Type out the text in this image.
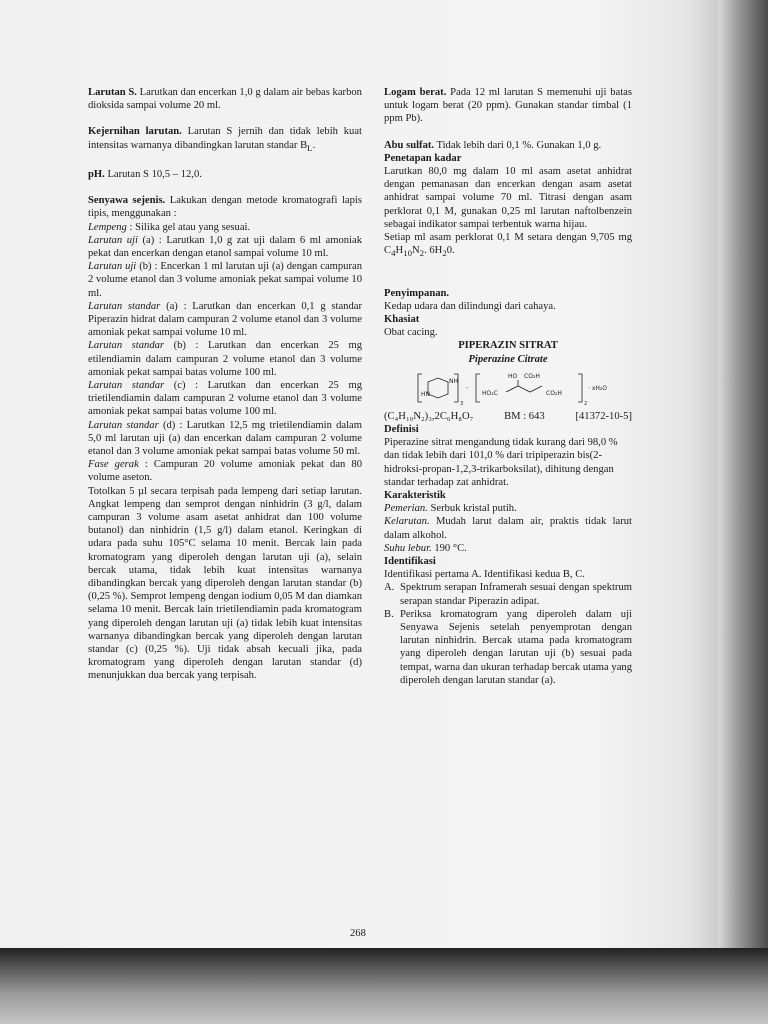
Larutan S. Larutkan dan encerkan 1,0 g dalam air bebas karbon dioksida sampai volume 20 ml.

Kejernihan larutan. Larutan S jernih dan tidak lebih kuat intensitas warnanya dibandingkan larutan standar $B_L$.

pH. Larutan S 10,5 – 12,0.

Senyawa sejenis. Lakukan dengan metode kromatografi lapis tipis, menggunakan :

Lempeng : Silika gel atau yang sesuai.

Larutan uji (a) : Larutkan 1,0 g zat uji dalam 6 ml amoniak pekat dan encerkan dengan etanol sampai volume 10 ml.

Larutan uji (b) : Encerkan 1 ml larutan uji (a) dengan campuran 2 volume etanol dan 3 volume amoniak pekat sampai volume 10 ml.

Larutan standar (a) : Larutkan dan encerkan 0,1 g standar Piperazin hidrat dalam campuran 2 volume etanol dan 3 volume amoniak pekat sampai volume 10 ml.

Larutan standar (b) : Larutkan dan encerkan 25 mg etilendiamin dalam campuran 2 volume etanol dan 3 volume amoniak pekat sampai batas volume 100 ml.

Larutan standar (c) : Larutkan dan encerkan 25 mg trietilendiamin dalam campuran 2 volume etanol dan 3 volume amoniak pekat sampai batas volume 100 ml.

Larutan standar (d) : Larutkan 12,5 mg trietilendiamin dalam 5,0 ml larutan uji (a) dan encerkan dalam campuran 2 volume etanol dan 3 volume amoniak pekat sampai batas volume 50 ml.

Fase gerak : Campuran 20 volume amoniak pekat dan 80 volume aseton.

Totolkan 5 µl secara terpisah pada lempeng dari setiap larutan. Angkat lempeng dan semprot dengan ninhidrin (3 g/l, dalam campuran 3 volume asam asetat anhidrat dan 100 volume butanol) dan ninhidrin (1,5 g/l) dalam etanol. Keringkan di udara pada suhu 105°C selama 10 menit. Bercak lain pada kromatogram yang diperoleh dengan larutan uji (a), selain bercak utama, tidak lebih kuat intensitas warnanya dibandingkan bercak yang diperoleh dengan larutan standar (b) (0,25 %). Semprot lempeng dengan iodium 0,05 M dan diamkan selama 10 menit. Bercak lain trietilendiamin pada kromatogram yang diperoleh dengan larutan uji (a) tidak lebih kuat intensitas warnanya dibandingkan bercak yang diperoleh dengan larutan standar (c) (0,25 %). Uji tidak absah kecuali jika, pada kromatogram yang diperoleh dengan larutan standar (d) menunjukkan dua bercak yang terpisah.

Logam berat. Pada 12 ml larutan S memenuhi uji batas untuk logam berat (20 ppm). Gunakan standar timbal (1 ppm Pb).

Abu sulfat. Tidak lebih dari 0,1 %. Gunakan 1,0 g.

Penetapan kadar

Larutkan 80,0 mg dalam 10 ml asam asetat anhidrat dengan pemanasan dan encerkan dengan asam asetat anhidrat sampai volume 70 ml. Titrasi dengan asam perklorat 0,1 M, gunakan 0,25 ml larutan naftolbenzein sebagai indikator sampai terbentuk warna hijau.

Setiap ml asam perklorat 0,1 M setara dengan 9,705 mg $C_4H_{10}N_2$. $6H_20$.

Penyimpanan.

Kedap udara dan dilindungi dari cahaya.

Khasiat

Obat cacing.

PIPERAZIN SITRAT

Piperazine Citrate

NH
HN
3
·
HO CO₂H
HO₂C	CO₂H
2
· xH₂O
(C₄H₁₀N₂)₃,2C₆H₈O₇	BM : 643	[41372-10-5]

Definisi

Piperazine sitrat mengandung tidak kurang dari 98,0 % dan tidak lebih dari 101,0 % dari tripiperazin bis(2-hidroksi-propan-1,2,3-trikarboksilat), dihitung dengan standar terhadap zat anhidrat.

Karakteristik

Pemerian. Serbuk kristal putih.

Kelarutan. Mudah larut dalam air, praktis tidak larut dalam alkohol.

Suhu lebur. 190 °C.

Identifikasi

Identifikasi pertama A. Identifikasi kedua B, C.

A. Spektrum serapan Inframerah sesuai dengan spektrum serapan standar Piperazin adipat.
B. Periksa kromatogram yang diperoleh dalam uji Senyawa Sejenis setelah penyemprotan dengan larutan ninhidrin. Bercak utama pada kromatogram yang diperoleh dengan larutan uji (b) sesuai pada tempat, warna dan ukuran terhadap bercak utama yang diperoleh dengan larutan standar (a).
268
